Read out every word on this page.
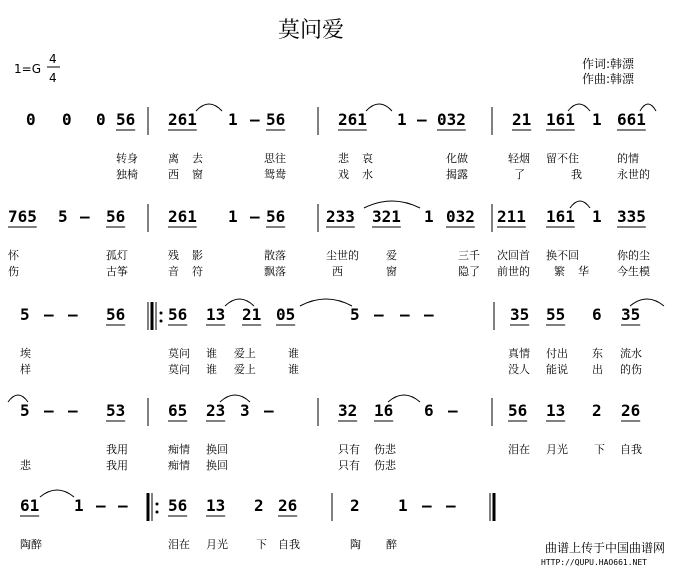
莫问爱
1=G
4
4
作词:韩漂
作曲:韩漂
0 0 0 56 261 1 – 56	261 1 – 032	21 161 1 661
转身	离 去	思往	悲 哀	化做	轻烟 留不住	的情
独椅	西 窗	鸳鸯	戏 水	揭露	了	我	永世的
765 5 – 56	261 1 – 56	233 321 1 032 211 161 1 335
怀	孤灯	残 影	散落	尘世的 爱	三千 次回首 换不回	你的尘
伤	古筝	音 符	飘落	西	窗	隐了 前世的 繁 华	今生模
5 – – 56	56 13 21 05	5 – – –	35 55 6 35
埃	莫问 谁 爱上	谁	真情 付出 东 流水
样	莫问 谁 爱上	谁	没人 能说 出 的伤
5 – – 53	65 23 3 –	32 16 6 –	56 13 2 26
我用	痴情 换回	只有 伤悲	泪在 月光 下 自我
悲	我用	痴情 换回	只有 伤悲
61 1 – –	56 13 2 26	2 1 – –
陶醉	泪在 月光	下 自我	陶 醉	曲谱上传于中国曲谱网
HTTP://QUPU.HAO661.NET
